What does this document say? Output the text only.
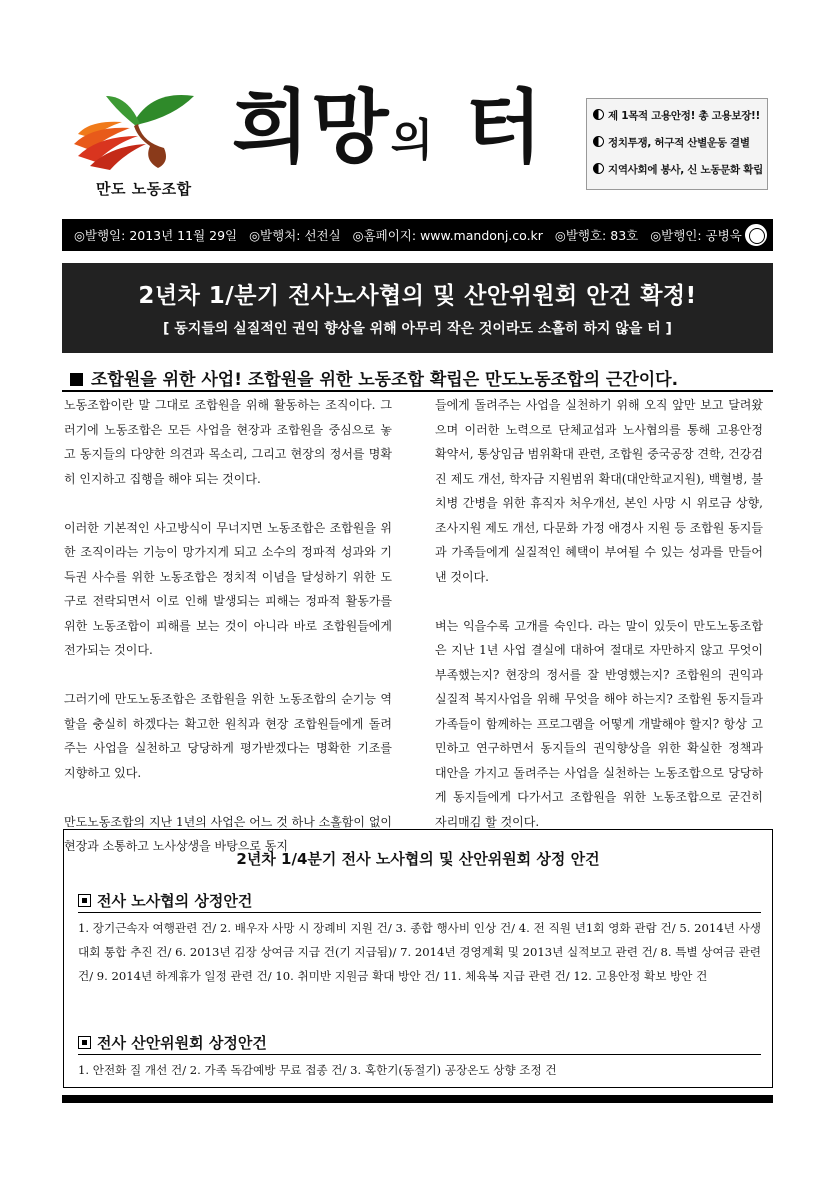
만도 노동조합
희망의 터	제 1목적 고용안정! 총 고용보장!!
정치투쟁, 허구적 산별운동 결별
지역사회에 봉사, 신 노동문화 확립
◎발행일: 2013년 11월 29일 ◎발행처: 선전실 ◎홈페이지: www.mandonj.co.kr ◎발행호: 83호 ◎발행인: 공병욱
2년차 1/분기 전사노사협의 및 산안위원회 안건 확정!
[ 동지들의 실질적인 권익 향상을 위해 아무리 작은 것이라도 소홀히 하지 않을 터 ]
조합원을 위한 사업! 조합원을 위한 노동조합 확립은 만도노동조합의 근간이다.

노동조합이란 말 그대로 조합원을 위해 활동하는 조직이다. 그러기에 노동조합은 모든 사업을 현장과 조합원을 중심으로 놓고 동지들의 다양한 의견과 목소리, 그리고 현장의 정서를 명확히 인지하고 집행을 해야 되는 것이다.

이러한 기본적인 사고방식이 무너지면 노동조합은 조합원을 위한 조직이라는 기능이 망가지게 되고 소수의 정파적 성과와 기득권 사수를 위한 노동조합은 정치적 이념을 달성하기 위한 도구로 전락되면서 이로 인해 발생되는 피해는 정파적 활동가를 위한 노동조합이 피해를 보는 것이 아니라 바로 조합원들에게 전가되는 것이다.

그러기에 만도노동조합은 조합원을 위한 노동조합의 순기능 역할을 충실히 하겠다는 확고한 원칙과 현장 조합원들에게 돌려주는 사업을 실천하고 당당하게 평가받겠다는 명확한 기조를 지향하고 있다.

만도노동조합의 지난 1년의 사업은 어느 것 하나 소홀함이 없이 현장과 소통하고 노사상생을 바탕으로 동지

들에게 돌려주는 사업을 실천하기 위해 오직 앞만 보고 달려왔으며 이러한 노력으로 단체교섭과 노사협의를 통해 고용안정 확약서, 통상임금 범위확대 관련, 조합원 중국공장 견학, 건강검진 제도 개선, 학자금 지원범위 확대(대안학교지원), 백혈병, 불치병 간병을 위한 휴직자 처우개선, 본인 사망 시 위로금 상향, 조사지원 제도 개선, 다문화 가정 애경사 지원 등 조합원 동지들과 가족들에게 실질적인 혜택이 부여될 수 있는 성과를 만들어 낸 것이다.

벼는 익을수록 고개를 숙인다. 라는 말이 있듯이 만도노동조합은 지난 1년 사업 결실에 대하여 절대로 자만하지 않고 무엇이 부족했는지? 현장의 정서를 잘 반영했는지? 조합원의 권익과 실질적 복지사업을 위해 무엇을 해야 하는지? 조합원 동지들과 가족들이 함께하는 프로그램을 어떻게 개발해야 할지? 항상 고민하고 연구하면서 동지들의 권익향상을 위한 확실한 정책과 대안을 가지고 돌려주는 사업을 실천하는 노동조합으로 당당하게 동지들에게 다가서고 조합원을 위한 노동조합으로 굳건히 자리매김 할 것이다.

2년차 1/4분기 전사 노사협의 및 산안위원회 상정 안건
전사 노사협의 상정안건
1. 장기근속자 여행관련 건/ 2. 배우자 사망 시 장례비 지원 건/ 3. 종합 행사비 인상 건/ 4. 전 직원 년1회 영화 관람 건/ 5. 2014년 사생대회 통합 추진 건/ 6. 2013년 김장 상여금 지급 건(기 지급됨)/ 7. 2014년 경영계획 및 2013년 실적보고 관련 건/ 8. 특별 상여금 관련 건/ 9. 2014년 하계휴가 일정 관련 건/ 10. 취미반 지원금 확대 방안 건/ 11. 체육복 지급 관련 건/ 12. 고용안정 확보 방안 건
전사 산안위원회 상정안건
1. 안전화 질 개선 건/ 2. 가족 독감예방 무료 접종 건/ 3. 혹한기(동절기) 공장온도 상향 조정 건
